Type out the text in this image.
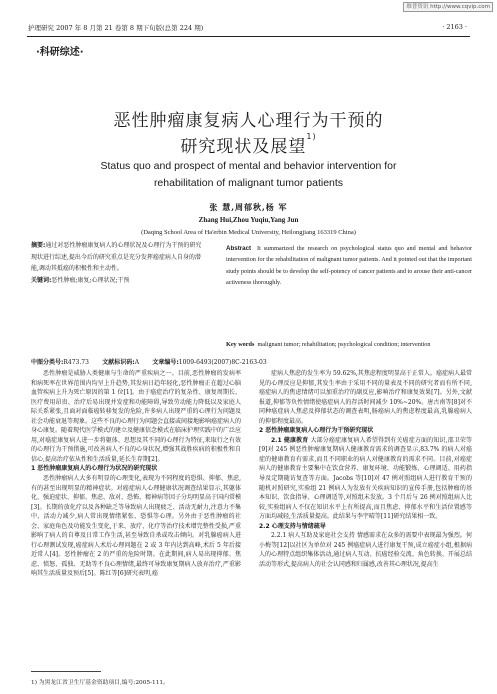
维普资讯 http://www.cqvip.com
护理研究 2007 年 8 月第 21 卷第 8 期下旬版(总第 224 期)	· 2163 ·
·科研综述·
恶性肿瘤康复病人心理行为干预的
研究现状及展望$^{1)}$
Status quo and prospect of mental and behavior intervention for
rehabilitation of malignant tumor patients
张 慧,周郁秋,杨 军
Zhang Hui,Zhou Yuqiu,Yang Jun
(Daqing School Area of Ha'erbin Medical University, Heilongjiang 163319 China)
摘要:通过对恶性肿瘤康复病人的心理状况及心理行为干预的研究现状进行综述,提出今后的研究重点是充分发挥癌症病人自身的潜能,调动其抵癌的积极性和主动性。
关键词:恶性肿瘤;康复;心理状况;干预
Abstract It summarized the research on psychological status quo and mental and behavior intervention for the rehabilitation of malignant tumor patients. And it pointed out that the important study points should be to develop the self-potency of cancer patients and to arouse their anti-cancer activeness thoroughly.
Key words malignant tumor; rehabilitation; psychological condition; intervention
中图分类号:R473.73 文献标识码:A 文章编号:1009-6493(2007)8C-2163-03

恶性肿瘤是威胁人类健康与生命的严重疾病之一。目前,恶性肿瘤的发病率和病死率在世界范围内均呈上升趋势,其发病日趋年轻化,恶性肿瘤正在超过心脑血管疾病上升为死亡原因的第 1 位[1]。由于癌症治疗的复杂性、康复周期长、医疗费用昂贵、治疗后易出现并发症和功能障碍,导致劳动能力降低以及家庭人际关系紧张,且面对面临癌转移复发的危险,许多病人出现严重的心理行为问题及社会功能衰退等现象。这些不良的心理行为问题会直接或间接地影响癌症病人的身心康复。随着现代医学模式的建立及健康信念模式在临床护理实践中的广泛应用,对癌症康复病人进一步将躯体、思想及其不同的心理行为特征,来取行之有效的心理行为干预措施,可改善病人不良的心身状况,增强其战胜疾病的积极性和自信心,提高治疗依从性和生活质量,延长生存期[2]。

1 恶性肿瘤康复病人的心理行为状况的研究现状

恶性肿瘤病人大多有明显的心理变化,表现为不同程度的恐惧、抑郁、焦虑,有的甚至出现明显的精神症状。对癌症病人心理健康状况调查结果显示,其躯体化、强迫症状、抑郁、焦虑、敌对、恐怖、精神病等因子分均明显高于国内常模[3]。长期的放化疗以及各种缺乏等导致病人出现疲乏、活动无耐力,注意力不集中、活动力减少,病人常出现情绪紧张、恐惧等心理。另外由于恶性肿瘤的社会、家庭角色及功能发生变化,于来、放疗、化疗等治疗技术增完整性受损,严重影响了病人的自尊及日常工作生活,甚至导致自杀或攻击倾向。对乳腺癌病人进行心理测试发现,癌症病人术后心理问题在 2 或 3 年内达到高峰,术后 5 年后接近常人[4]。恶性肿瘤在 2 的严重的危险时期。在此期间,病人易出现抑郁、焦虑、愤怒、孤独、无助等不良心理情绪,最终可导致康复期病人放弃治疗,严重影响其生活质量及预后[5]。陈红等[6]研究表明,癌

症病人焦虑的发生率为 59.62%,其焦虑程度明显高于正常人。癌症病人最常见的心理反应是抑郁,其发生率由于采用不同的量表及不同的研究者而有所不同,癌症病人的焦虑情绪可以加重治疗的副反应,影响治疗和康复效果[7]。另外,文献报道,抑郁等负性情绪使癌症病人的存活时间减少 10%~20%。唐古南等[8]对不同种癌症病人焦虑及抑郁状态的调查表明,肠癌病人的焦虑程度最高,乳腺癌病人的抑郁程度最高。

2 恶性肿瘤康复病人心理行为干预研究现状

2.1 健康教育 大部分癌症康复病人希望得到有关癌症方面的知识,邵卫荣等[9]对 245 例恶性肿瘤康复期病人健康教育需求的调查显示,83.7% 的病人对癌症的健康教育有需求,而且不同职业的病人对健康教育的需求不同。目前,对癌症病人的健康教育主要集中在饮食营养、康复环境、功能锻炼、心理调适、用药指导及定期随访复查等方面。Jacobs 等[10]对 47 例对照组病人进行教育干预的随机对照研究,实验组 21 例病人为发放有关疾病知识的宣传手册,包括肿瘤的基本知识、饮食指导、心理调适等,对照组未发放。3 个月后与 26 例对照组病人比较,实验组病人不仅在知识水平上有所提高,而且焦虑、抑郁水平和生活位置感等方面均减轻,生活质量提高。此结果与李宇晴等[11]研究结果相一致。

2.2 心理支持与情绪疏导

2.2.1 病人互助及家庭社会支持 情感需求在众多的需要中表现最为强烈。何小梅等[12]以社区为单位对 245 例癌症病人进行康复干预,成立癌症小组,根据病人的心理特点组织集体活动,通过病人互动、抗癌经验交流、角色转换、开展总结活动等形式,提高病人的社会认同感和归属感,改善其心理状况,提高生

1) 为黑龙江省卫生厅基金资助项目,编号:2005-111。
